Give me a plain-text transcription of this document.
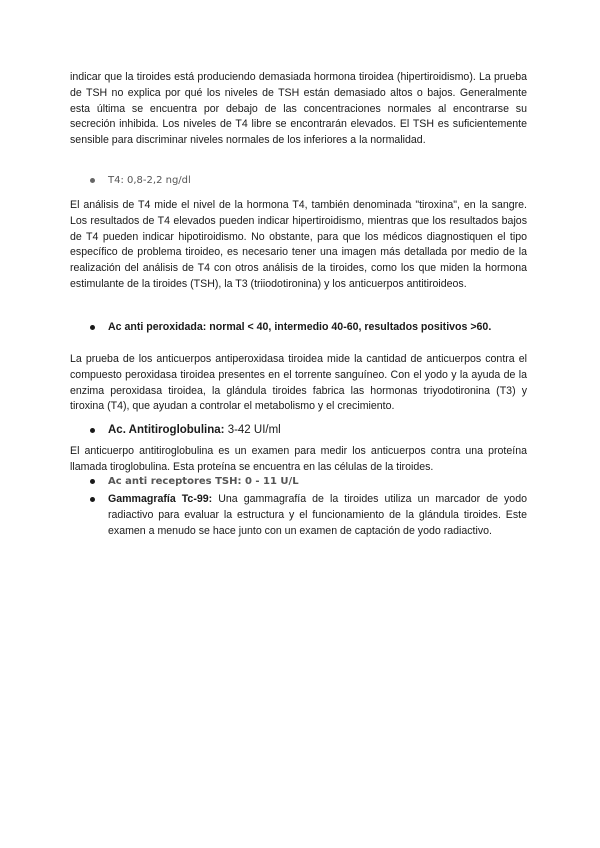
indicar que la tiroides está produciendo demasiada hormona tiroidea (hipertiroidismo). La prueba de TSH no explica por qué los niveles de TSH están demasiado altos o bajos. Generalmente esta última se encuentra por debajo de las concentraciones normales al encontrarse su secreción inhibida. Los niveles de T4 libre se encontrarán elevados. El TSH es suficientemente sensible para discriminar niveles normales de los inferiores a la normalidad.

T4: 0,8-2,2 ng/dl

El análisis de T4 mide el nivel de la hormona T4, también denominada "tiroxina", en la sangre. Los resultados de T4 elevados pueden indicar hipertiroidismo, mientras que los resultados bajos de T4 pueden indicar hipotiroidismo. No obstante, para que los médicos diagnostiquen el tipo específico de problema tiroideo, es necesario tener una imagen más detallada por medio de la realización del análisis de T4 con otros análisis de la tiroides, como los que miden la hormona estimulante de la tiroides (TSH), la T3 (triiodotironina) y los anticuerpos antitiroideos.

Ac anti peroxidada: normal < 40, intermedio 40-60, resultados positivos >60.

La prueba de los anticuerpos antiperoxidasa tiroidea mide la cantidad de anticuerpos contra el compuesto peroxidasa tiroidea presentes en el torrente sanguíneo. Con el yodo y la ayuda de la enzima peroxidasa tiroidea, la glándula tiroides fabrica las hormonas triyodotironina (T3) y tiroxina (T4), que ayudan a controlar el metabolismo y el crecimiento.

Ac. Antitiroglobulina: 3-42 UI/ml

El anticuerpo antitiroglobulina es un examen para medir los anticuerpos contra una proteína llamada tiroglobulina. Esta proteína se encuentra en las células de la tiroides.

Ac anti receptores TSH: 0 - 11 U/L

Gammagrafía Tc-99: Una gammagrafía de la tiroides utiliza un marcador de yodo radiactivo para evaluar la estructura y el funcionamiento de la glándula tiroides. Este examen a menudo se hace junto con un examen de captación de yodo radiactivo.
